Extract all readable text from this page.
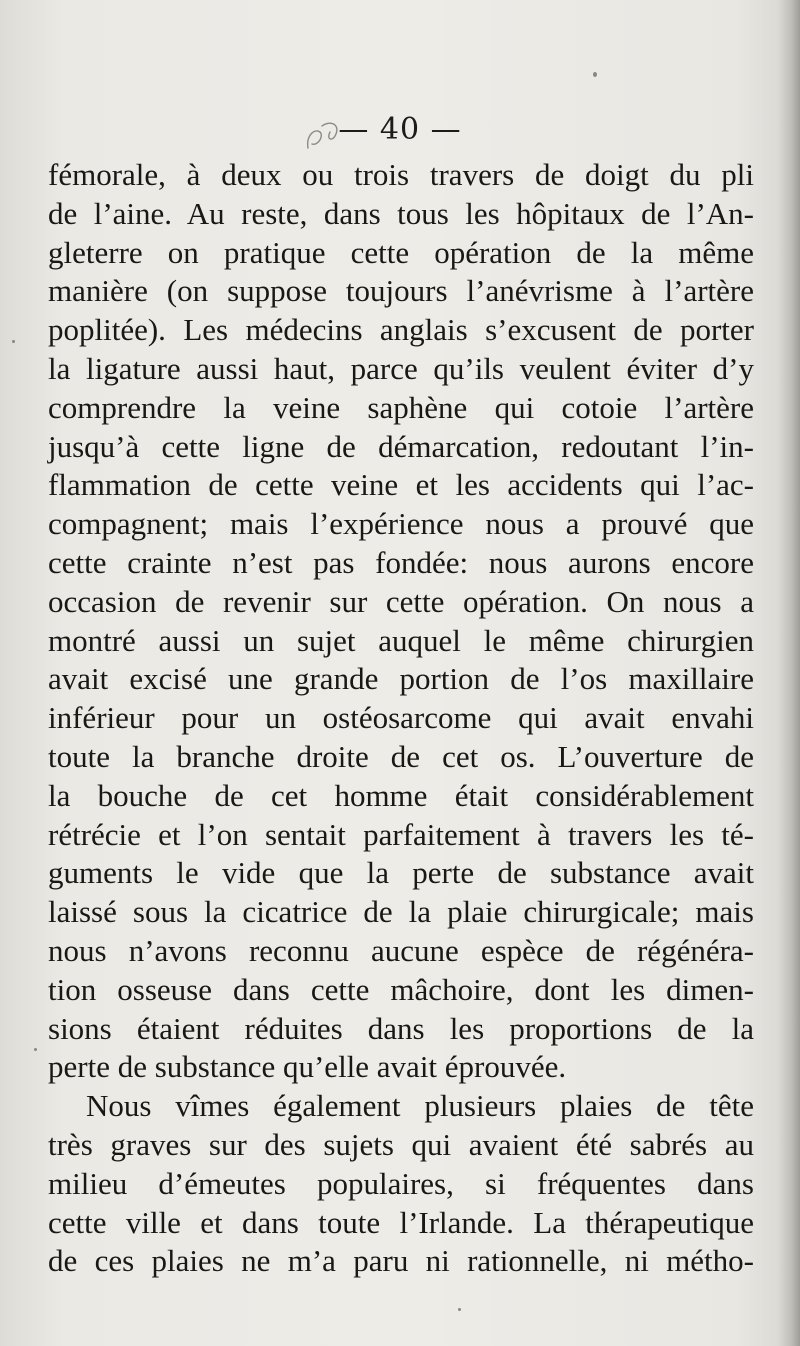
— 40 —
fémorale, à deux ou trois travers de doigt du pli
de l’aine. Au reste, dans tous les hôpitaux de l’An-
gleterre on pratique cette opération de la même
manière (on suppose toujours l’anévrisme à l’artère
poplitée). Les médecins anglais s’excusent de porter
la ligature aussi haut, parce qu’ils veulent éviter d’y
comprendre la veine saphène qui cotoie l’artère
jusqu’à cette ligne de démarcation, redoutant l’in-
flammation de cette veine et les accidents qui l’ac-
compagnent; mais l’expérience nous a prouvé que
cette crainte n’est pas fondée: nous aurons encore
occasion de revenir sur cette opération. On nous a
montré aussi un sujet auquel le même chirurgien
avait excisé une grande portion de l’os maxillaire
inférieur pour un ostéosarcome qui avait envahi
toute la branche droite de cet os. L’ouverture de
la bouche de cet homme était considérablement
rétrécie et l’on sentait parfaitement à travers les té-
guments le vide que la perte de substance avait
laissé sous la cicatrice de la plaie chirurgicale; mais
nous n’avons reconnu aucune espèce de régénéra-
tion osseuse dans cette mâchoire, dont les dimen-
sions étaient réduites dans les proportions de la
perte de substance qu’elle avait éprouvée.
Nous vîmes également plusieurs plaies de tête
très graves sur des sujets qui avaient été sabrés au
milieu d’émeutes populaires, si fréquentes dans
cette ville et dans toute l’Irlande. La thérapeutique
de ces plaies ne m’a paru ni rationnelle, ni métho-
